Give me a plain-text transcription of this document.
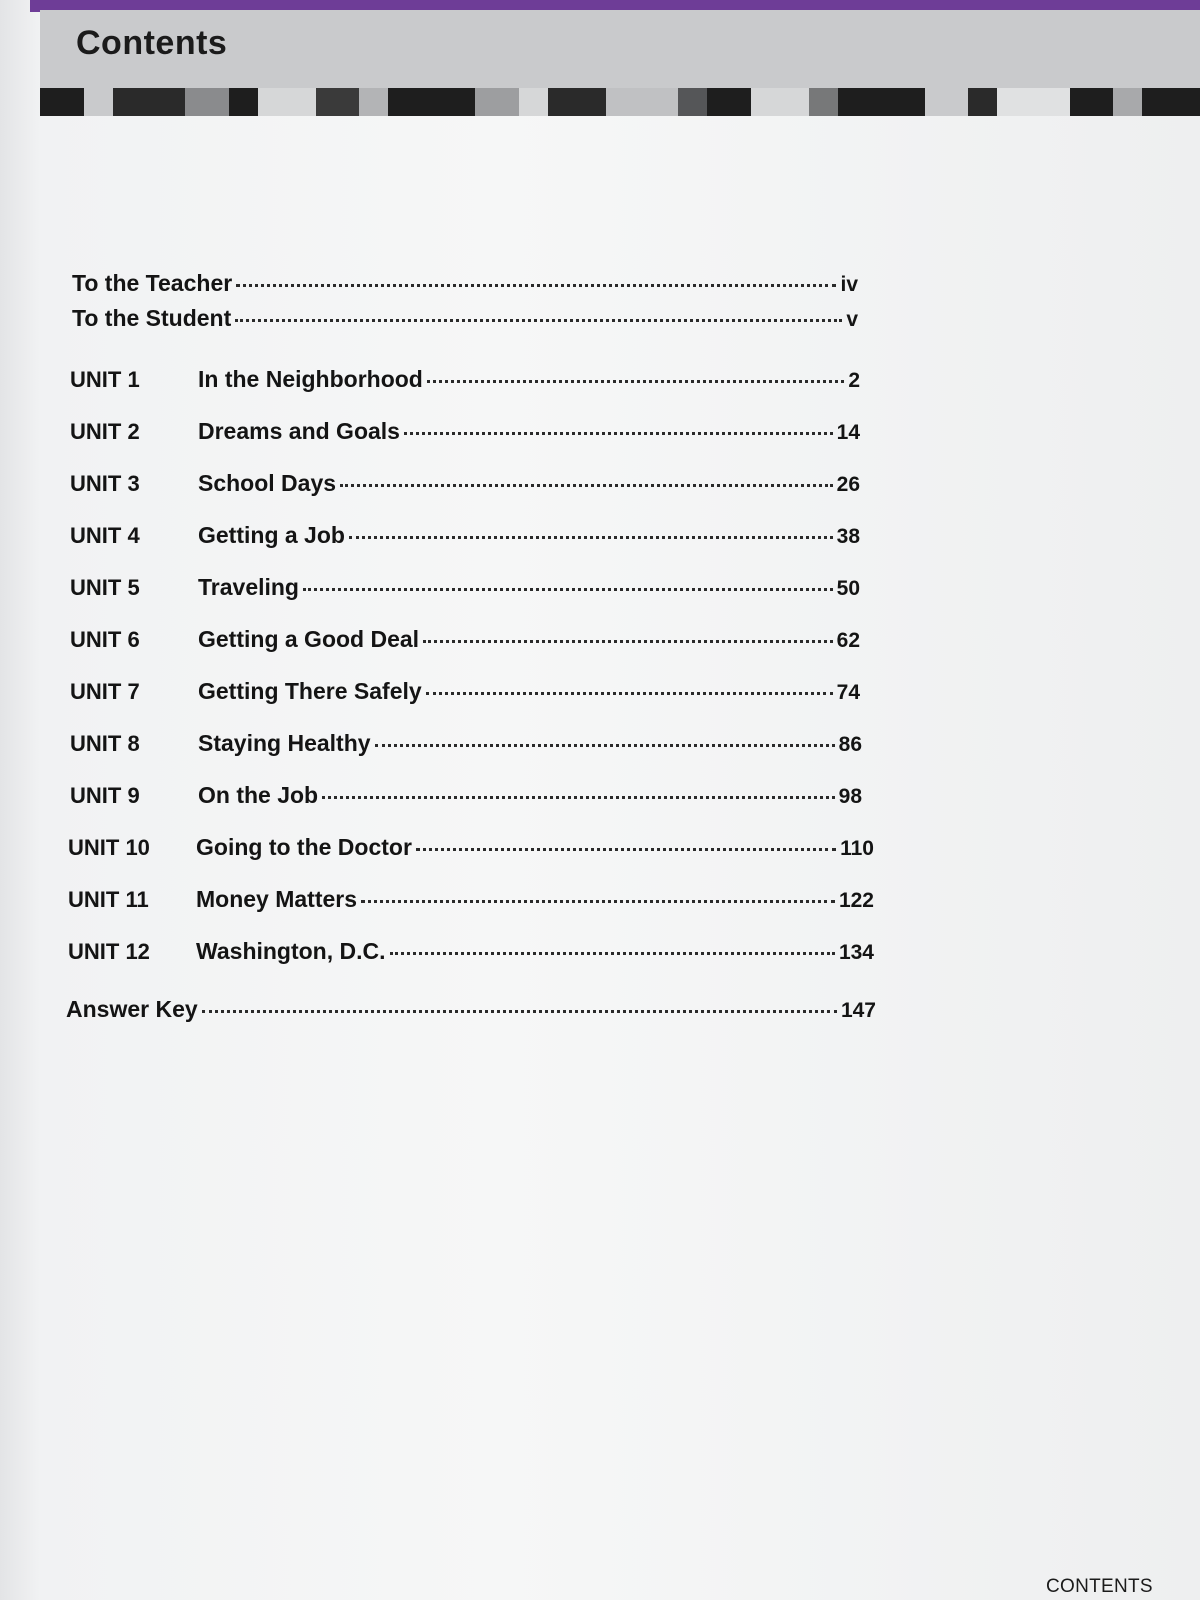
Contents
To the Teacher	iv
To the Student	v
UNIT 1	In the Neighborhood	2
UNIT 2	Dreams and Goals	14
UNIT 3	School Days	26
UNIT 4	Getting a Job	38
UNIT 5	Traveling	50
UNIT 6	Getting a Good Deal	62
UNIT 7	Getting There Safely	74
UNIT 8	Staying Healthy	86
UNIT 9	On the Job	98
UNIT 10	Going to the Doctor	110
UNIT 11	Money Matters	122
UNIT 12	Washington, D.C.	134
Answer Key	147
CONTENTS
